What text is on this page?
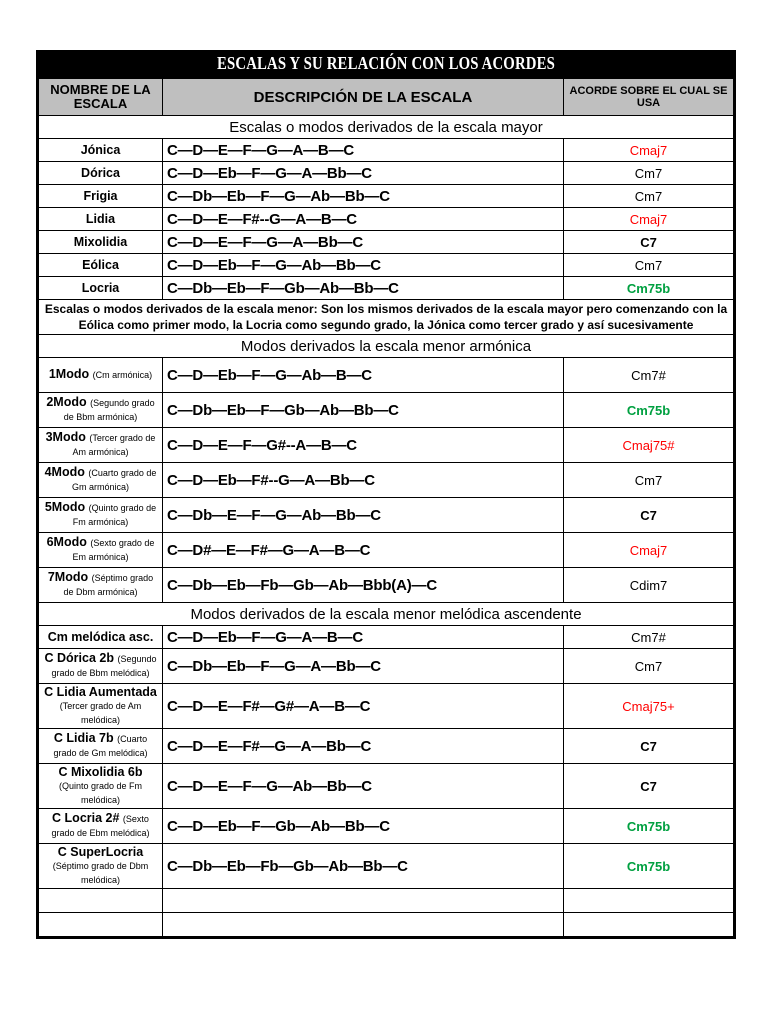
ESCALAS Y SU RELACIÓN CON LOS ACORDES		

NOMBRE DE LA ESCALA	DESCRIPCIÓN DE LA ESCALA	ACORDE SOBRE EL CUAL SE USA
Escalas o modos derivados de la escala mayor		
Jónica	C—D—E—F—G—A—B—C	Cmaj7
Dórica	C—D—Eb—F—G—A—Bb—C	Cm7
Frigia	C—Db—Eb—F—G—Ab—Bb—C	Cm7
Lidia	C—D—E—F#--G—A—B—C	Cmaj7
Mixolidia	C—D—E—F—G—A—Bb—C	C7
Eólica	C—D—Eb—F—G—Ab—Bb—C	Cm7
Locria	C—Db—Eb—F—Gb—Ab—Bb—C	Cm75b
Escalas o modos derivados de la escala menor: Son los mismos derivados de la escala mayor pero comenzando con la Eólica como primer modo, la Locria como segundo grado, la Jónica como tercer grado y así sucesivamente		
Modos derivados la escala menor armónica		
1Modo (Cm armónica)	C—D—Eb—F—G—Ab—B—C	Cm7#
2Modo (Segundo grado de Bbm armónica)	C—Db—Eb—F—Gb—Ab—Bb—C	Cm75b
3Modo (Tercer grado de Am armónica)	C—D—E—F—G#--A—B—C	Cmaj75#
4Modo (Cuarto grado de Gm armónica)	C—D—Eb—F#--G—A—Bb—C	Cm7
5Modo (Quinto grado de Fm armónica)	C—Db—E—F—G—Ab—Bb—C	C7
6Modo (Sexto grado de Em armónica)	C—D#—E—F#—G—A—B—C	Cmaj7
7Modo (Séptimo grado de Dbm armónica)	C—Db—Eb—Fb—Gb—Ab—Bbb(A)—C	Cdim7
Modos derivados de la escala menor melódica ascendente		
Cm melódica asc.	C—D—Eb—F—G—A—B—C	Cm7#
C Dórica 2b (Segundo grado de Bbm melódica)	C—Db—Eb—F—G—A—Bb—C	Cm7
C Lidia Aumentada (Tercer grado de Am melódica)	C—D—E—F#—G#—A—B—C	Cmaj75+
C Lidia 7b (Cuarto grado de Gm melódica)	C—D—E—F#—G—A—Bb—C	C7
C Mixolidia 6b (Quinto grado de Fm melódica)	C—D—E—F—G—Ab—Bb—C	C7
C Locria 2# (Sexto grado de Ebm melódica)	C—D—Eb—F—Gb—Ab—Bb—C	Cm75b
C SuperLocria (Séptimo grado de Dbm melódica)	C—Db—Eb—Fb—Gb—Ab—Bb—C	Cm75b
